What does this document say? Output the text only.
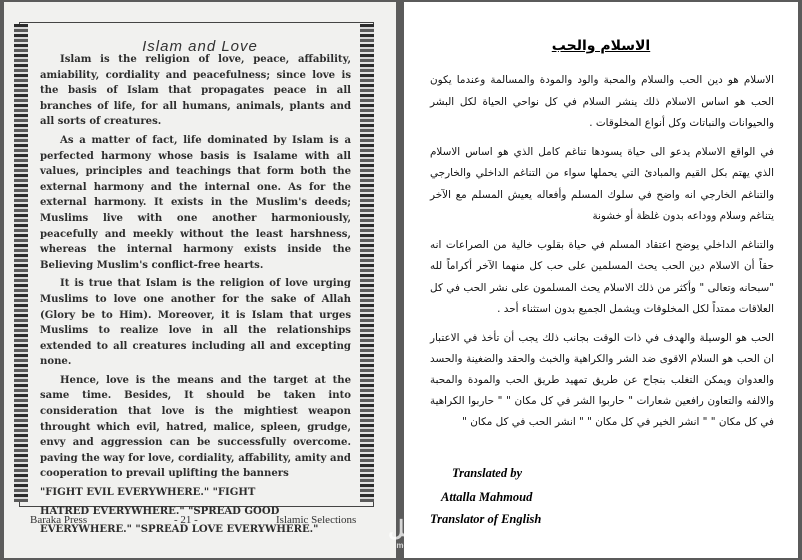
Islam and Love

Islam is the religion of love, peace, affability, amiability, cordiality and peacefulness; since love is the basis of Islam that propagates peace in all branches of life, for all humans, animals, plants and all sorts of creatures.

As a matter of fact, life dominated by Islam is a perfected harmony whose basis is Isalame with all values, principles and teachings that form both the external harmony and the internal one. As for the external harmony. It exists in the Muslim's deeds; Muslims live with one another harmoniously, peacefully and meekly without the least harshness, whereas the internal harmony exists inside the Believing Muslim's conflict-free hearts.

It is true that Islam is the religion of love urging Muslims to love one another for the sake of Allah (Glory be to Him). Moreover, it is Islam that urges Muslims to realize love in all the relationships extended to all creatures including all and excepting none.

Hence, love is the means and the target at the same time. Besides, It should be taken into consideration that love is the mightiest weapon throught which evil, hatred, malice, spleen, grudge, envy and aggression can be successfully overcome. paving the way for love, cordiality, affability, amity and cooperation to prevail uplifting the banners

"FIGHT EVIL EVERYWHERE." "FIGHT

HATRED EVERYWHERE." "SPREAD GOOD

EVERYWHERE." "SPREAD LOVE EVERYWHERE."

Baraka Press	- 21 -	Islamic Selections
الاسلام والحب

الاسلام هو دين الحب والسلام والمحبة والود والمودة والمسالمة وعندما يكون الحب هو اساس الاسلام ذلك ينشر السلام في كل نواحي الحياة لكل البشر والحيوانات والنباتات وكل أنواع المخلوقات .

في الواقع الاسلام يدعو الى حياة يسودها تناغم كامل الذي هو اساس الاسلام الذي يهتم بكل القيم والمبادئ التي يحملها سواء من التناغم الداخلي والخارجي والتناغم الخارجي انه واضح في سلوك المسلم وأفعاله يعيش المسلم مع الآخر يتناغم وسلام ووداعه بدون غلظة أو خشونة

والتناغم الداخلي يوضح اعتقاد المسلم في حياة بقلوب خالية من الصراعات انه حقاً أن الاسلام دين الحب يحث المسلمين على حب كل منهما الآخر أكراماً لله "سبحانه وتعالى " وأكثر من ذلك الاسلام يحث المسلمون على نشر الحب في كل العلاقات ممتداً لكل المخلوقات ويشمل الجميع بدون استثناء أحد .

الحب هو الوسيلة والهدف في ذات الوقت بجانب ذلك يجب أن تأخذ في الاعتبار ان الحب هو السلام الاقوى ضد الشر والكراهية والخبث والحقد والضغينة والحسد والعدوان ويمكن التغلب بنجاح عن طريق تمهيد طريق الحب والمودة والمحبة والالفه والتعاون رافعين شعارات " حاربوا الشر في كل مكان " " حاربوا الكراهية في كل مكان " " انشر الخير في كل مكان " " انشر الحب في كل مكان "

Translated by
Attalla Mahmoud
Translator of English
مستقل
mostaql.com
